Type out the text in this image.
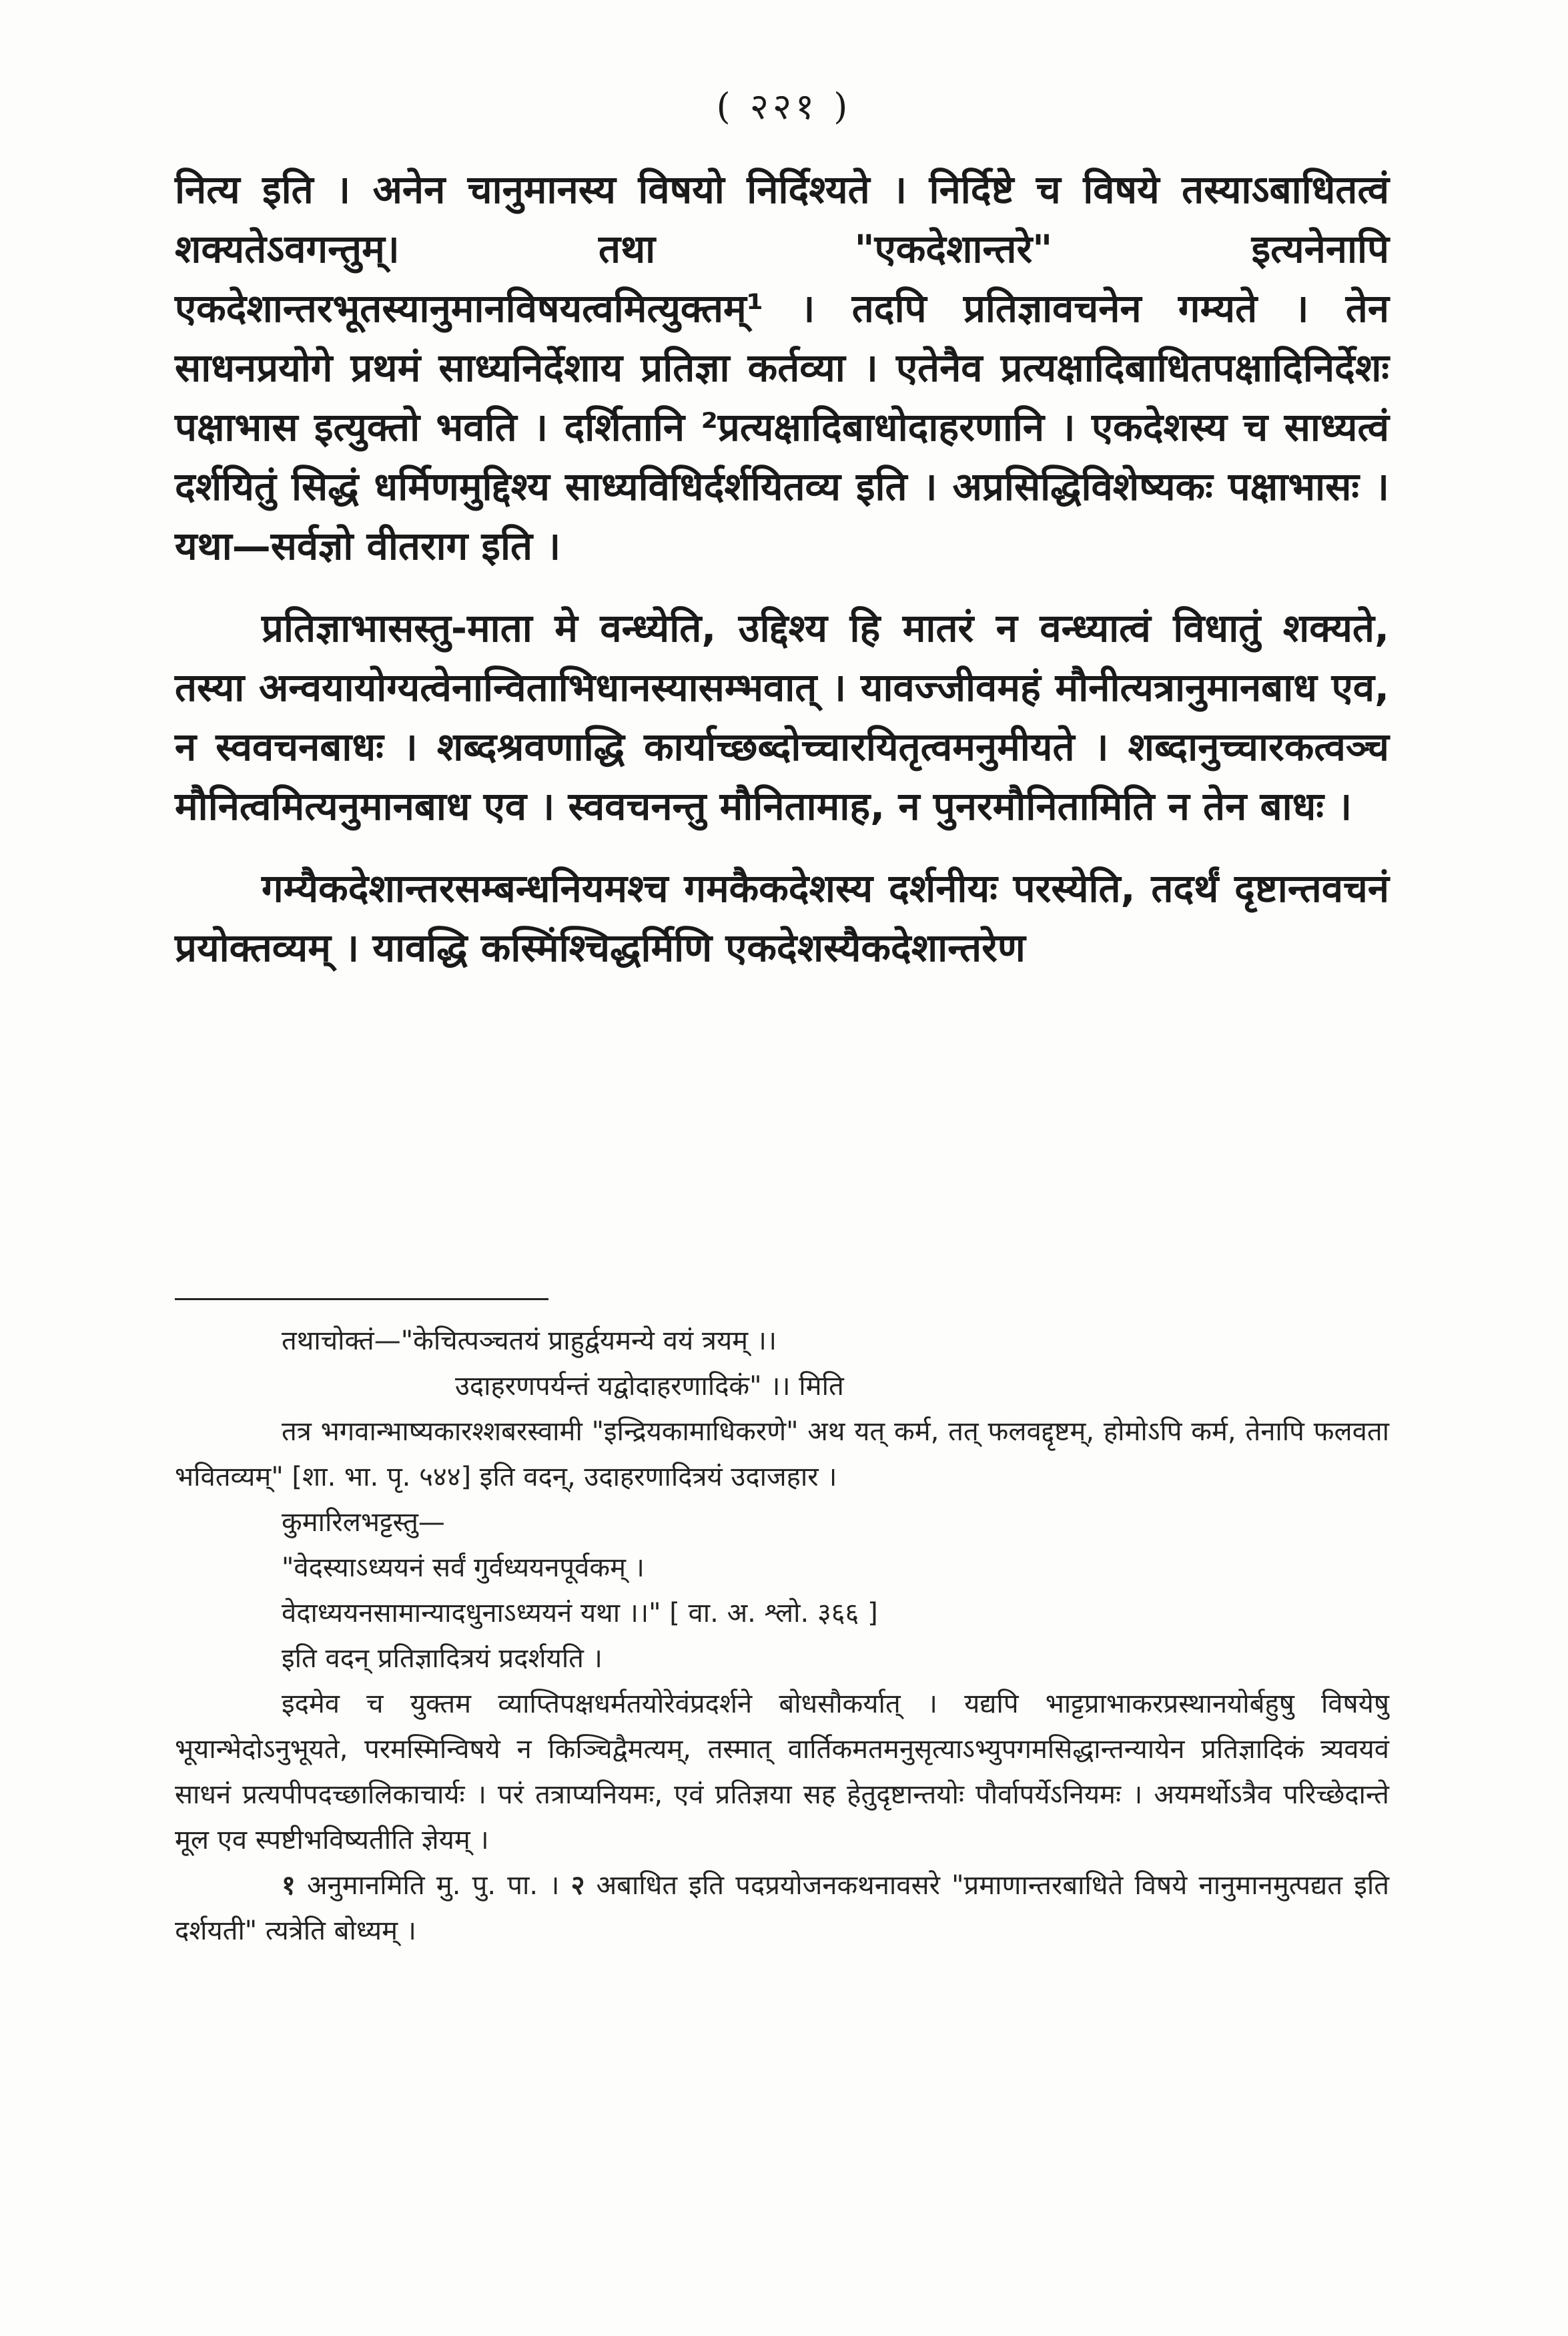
( २२१ )

नित्य इति । अनेन चानुमानस्य विषयो निर्दिश्यते । निर्दिष्टे च विषये तस्याऽबाधितत्वं शक्यतेऽवगन्तुम्। तथा "एकदेशान्तरे" इत्यनेनापि एकदेशान्तरभूतस्यानुमानविषयत्वमित्युक्तम्¹ । तदपि प्रतिज्ञावचनेन गम्यते । तेन साधनप्रयोगे प्रथमं साध्यनिर्देशाय प्रतिज्ञा कर्तव्या । एतेनैव प्रत्यक्षादिबाधितपक्षादिनिर्देशः पक्षाभास इत्युक्तो भवति । दर्शितानि ²प्रत्यक्षादिबाधोदाहरणानि । एकदेशस्य च साध्यत्वं दर्शयितुं सिद्धं धर्मिणमुद्दिश्य साध्यविधिर्दर्शयितव्य इति । अप्रसिद्धिविशेष्यकः पक्षाभासः । यथा—सर्वज्ञो वीतराग इति ।

प्रतिज्ञाभासस्तु-माता मे वन्ध्येति, उद्दिश्य हि मातरं न वन्ध्यात्वं विधातुं शक्यते, तस्या अन्वयायोग्यत्वेनान्विताभिधानस्यासम्भवात् । यावज्जीवमहं मौनीत्यत्रानुमानबाध एव, न स्ववचनबाधः । शब्दश्रवणाद्धि कार्याच्छब्दोच्चारयितृत्वमनुमीयते । शब्दानुच्चारकत्वञ्च मौनित्वमित्यनुमानबाध एव । स्ववचनन्तु मौनितामाह, न पुनरमौनितामिति न तेन बाधः ।

गम्यैकदेशान्तरसम्बन्धनियमश्च गमकैकदेशस्य दर्शनीयः परस्येति, तदर्थं दृष्टान्तवचनं प्रयोक्तव्यम् । यावद्धि कस्मिंश्चिद्धर्मिणि एकदेशस्यैकदेशान्तरेण

तथाचोक्तं—"केचित्पञ्चतयं प्राहुर्द्वयमन्ये वयं त्रयम् ।।

उदाहरणपर्यन्तं यद्वोदाहरणादिकं" ।। मिति

तत्र भगवान्भाष्यकारश्शबरस्वामी "इन्द्रियकामाधिकरणे" अथ यत् कर्म, तत् फलवद्दृष्टम्, होमोऽपि कर्म, तेनापि फलवता भवितव्यम्" [शा. भा. पृ. ५४४] इति वदन्, उदाहरणादित्रयं उदाजहार ।

कुमारिलभट्टस्तु—

"वेदस्याऽध्ययनं सर्वं गुर्वध्ययनपूर्वकम् ।

वेदाध्ययनसामान्यादधुनाऽध्ययनं यथा ।।" [ वा. अ. श्लो. ३६६ ]

इति वदन् प्रतिज्ञादित्रयं प्रदर्शयति ।

इदमेव च युक्तम व्याप्तिपक्षधर्मतयोरेवंप्रदर्शने बोधसौकर्यात् । यद्यपि भाट्टप्राभाकरप्रस्थानयोर्बहुषु विषयेषु भूयान्भेदोऽनुभूयते, परमस्मिन्विषये न किञ्चिद्वैमत्यम्, तस्मात् वार्तिकमतमनुसृत्याऽभ्युपगमसिद्धान्तन्यायेन प्रतिज्ञादिकं त्र्यवयवं साधनं प्रत्यपीपदच्छालिकाचार्यः । परं तत्राप्यनियमः, एवं प्रतिज्ञया सह हेतुदृष्टान्तयोः पौर्वापर्येऽनियमः । अयमर्थोऽत्रैव परिच्छेदान्ते मूल एव स्पष्टीभविष्यतीति ज्ञेयम् ।

१ अनुमानमिति मु. पु. पा. । २ अबाधित इति पदप्रयोजनकथनावसरे "प्रमाणान्तरबाधिते विषये नानुमानमुत्पद्यत इति दर्शयती" त्यत्रेति बोध्यम् ।
